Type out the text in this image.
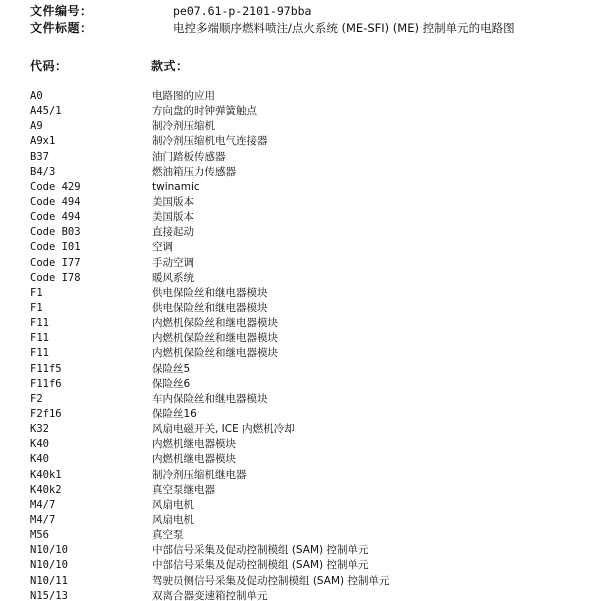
文件编号：	pe07.61-p-2101-97bba
文件标题：	电控多端顺序燃料喷注/点火系统 (ME-SFI) (ME) 控制单元的电路图
代码：	款式：
A0	电路图的应用
A45/1	方向盘的时钟弹簧触点
A9	制冷剂压缩机
A9x1	制冷剂压缩机电气连接器
B37	油门踏板传感器
B4/3	燃油箱压力传感器
Code 429	twinamic
Code 494	美国版本
Code 494	美国版本
Code B03	直接起动
Code I01	空调
Code I77	手动空调
Code I78	暖风系统
F1	供电保险丝和继电器模块
F1	供电保险丝和继电器模块
F11	内燃机保险丝和继电器模块
F11	内燃机保险丝和继电器模块
F11	内燃机保险丝和继电器模块
F11f5	保险丝5
F11f6	保险丝6
F2	车内保险丝和继电器模块
F2f16	保险丝16
K32	风扇电磁开关, ICE 内燃机冷却
K40	内燃机继电器模块
K40	内燃机继电器模块
K40k1	制冷剂压缩机继电器
K40k2	真空泵继电器
M4/7	风扇电机
M4/7	风扇电机
M56	真空泵
N10/10	中部信号采集及促动控制模组 (SAM) 控制单元
N10/10	中部信号采集及促动控制模组 (SAM) 控制单元
N10/11	驾驶员侧信号采集及促动控制模组 (SAM) 控制单元
N15/13	双离合器变速箱控制单元
